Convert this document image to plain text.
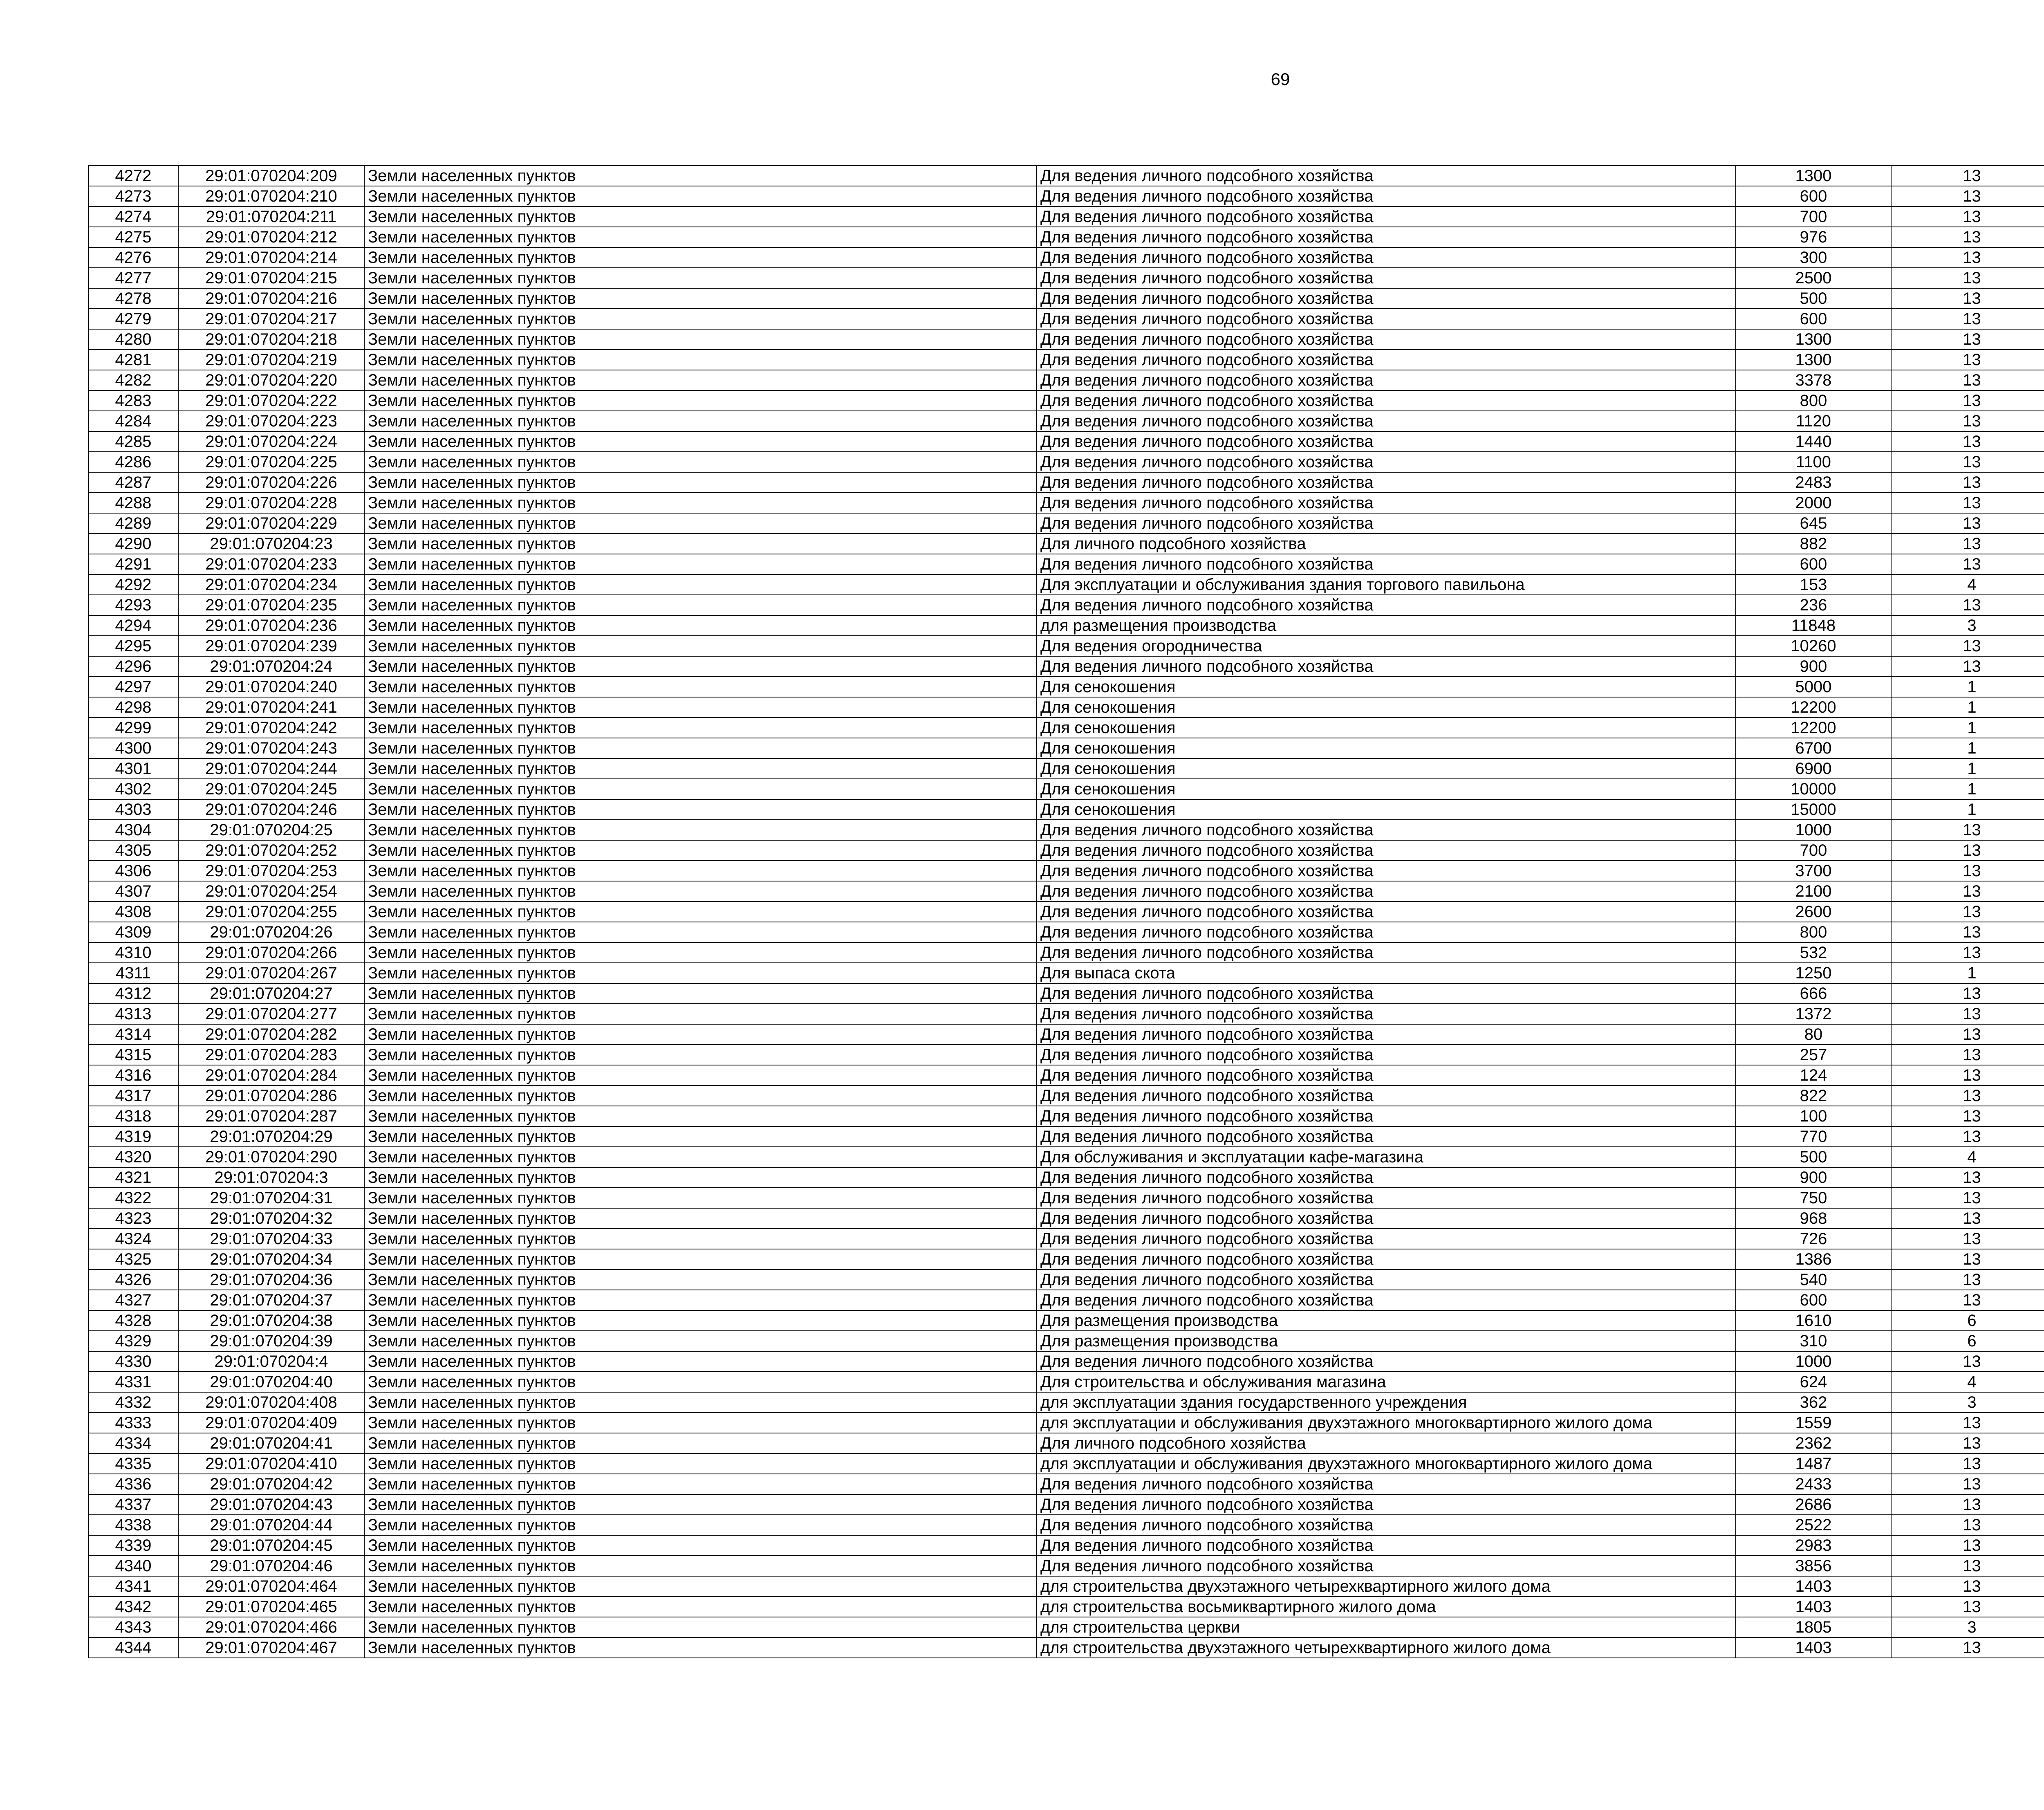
69
4272	29:01:070204:209	Земли населенных пунктов	Для ведения личного подсобного хозяйства	1300	13		
4273	29:01:070204:210	Земли населенных пунктов	Для ведения личного подсобного хозяйства	600	13		
4274	29:01:070204:211	Земли населенных пунктов	Для ведения личного подсобного хозяйства	700	13		
4275	29:01:070204:212	Земли населенных пунктов	Для ведения личного подсобного хозяйства	976	13		
4276	29:01:070204:214	Земли населенных пунктов	Для ведения личного подсобного хозяйства	300	13		
4277	29:01:070204:215	Земли населенных пунктов	Для ведения личного подсобного хозяйства	2500	13		
4278	29:01:070204:216	Земли населенных пунктов	Для ведения личного подсобного хозяйства	500	13		
4279	29:01:070204:217	Земли населенных пунктов	Для ведения личного подсобного хозяйства	600	13		
4280	29:01:070204:218	Земли населенных пунктов	Для ведения личного подсобного хозяйства	1300	13		
4281	29:01:070204:219	Земли населенных пунктов	Для ведения личного подсобного хозяйства	1300	13		
4282	29:01:070204:220	Земли населенных пунктов	Для ведения личного подсобного хозяйства	3378	13		
4283	29:01:070204:222	Земли населенных пунктов	Для ведения личного подсобного хозяйства	800	13		
4284	29:01:070204:223	Земли населенных пунктов	Для ведения личного подсобного хозяйства	1120	13		
4285	29:01:070204:224	Земли населенных пунктов	Для ведения личного подсобного хозяйства	1440	13		
4286	29:01:070204:225	Земли населенных пунктов	Для ведения личного подсобного хозяйства	1100	13		
4287	29:01:070204:226	Земли населенных пунктов	Для ведения личного подсобного хозяйства	2483	13		
4288	29:01:070204:228	Земли населенных пунктов	Для ведения личного подсобного хозяйства	2000	13		
4289	29:01:070204:229	Земли населенных пунктов	Для ведения личного подсобного хозяйства	645	13		
4290	29:01:070204:23	Земли населенных пунктов	Для личного подсобного хозяйства	882	13		
4291	29:01:070204:233	Земли населенных пунктов	Для ведения личного подсобного хозяйства	600	13		
4292	29:01:070204:234	Земли населенных пунктов	Для эксплуатации и обслуживания здания торгового павильона	153	4		
4293	29:01:070204:235	Земли населенных пунктов	Для ведения личного подсобного хозяйства	236	13		
4294	29:01:070204:236	Земли населенных пунктов	для размещения производства	11848	3		
4295	29:01:070204:239	Земли населенных пунктов	Для ведения огородничества	10260	13		
4296	29:01:070204:24	Земли населенных пунктов	Для ведения личного подсобного хозяйства	900	13		
4297	29:01:070204:240	Земли населенных пунктов	Для сенокошения	5000	1		
4298	29:01:070204:241	Земли населенных пунктов	Для сенокошения	12200	1		
4299	29:01:070204:242	Земли населенных пунктов	Для сенокошения	12200	1		
4300	29:01:070204:243	Земли населенных пунктов	Для сенокошения	6700	1		
4301	29:01:070204:244	Земли населенных пунктов	Для сенокошения	6900	1		
4302	29:01:070204:245	Земли населенных пунктов	Для сенокошения	10000	1		
4303	29:01:070204:246	Земли населенных пунктов	Для сенокошения	15000	1		
4304	29:01:070204:25	Земли населенных пунктов	Для ведения личного подсобного хозяйства	1000	13		
4305	29:01:070204:252	Земли населенных пунктов	Для ведения личного подсобного хозяйства	700	13		
4306	29:01:070204:253	Земли населенных пунктов	Для ведения личного подсобного хозяйства	3700	13		
4307	29:01:070204:254	Земли населенных пунктов	Для ведения личного подсобного хозяйства	2100	13		
4308	29:01:070204:255	Земли населенных пунктов	Для ведения личного подсобного хозяйства	2600	13		
4309	29:01:070204:26	Земли населенных пунктов	Для ведения личного подсобного хозяйства	800	13		
4310	29:01:070204:266	Земли населенных пунктов	Для ведения личного подсобного хозяйства	532	13		
4311	29:01:070204:267	Земли населенных пунктов	Для выпаса скота	1250	1		
4312	29:01:070204:27	Земли населенных пунктов	Для ведения личного подсобного хозяйства	666	13		
4313	29:01:070204:277	Земли населенных пунктов	Для ведения личного подсобного хозяйства	1372	13		
4314	29:01:070204:282	Земли населенных пунктов	Для ведения личного подсобного хозяйства	80	13		
4315	29:01:070204:283	Земли населенных пунктов	Для ведения личного подсобного хозяйства	257	13		
4316	29:01:070204:284	Земли населенных пунктов	Для ведения личного подсобного хозяйства	124	13		
4317	29:01:070204:286	Земли населенных пунктов	Для ведения личного подсобного хозяйства	822	13		
4318	29:01:070204:287	Земли населенных пунктов	Для ведения личного подсобного хозяйства	100	13		
4319	29:01:070204:29	Земли населенных пунктов	Для ведения личного подсобного хозяйства	770	13		
4320	29:01:070204:290	Земли населенных пунктов	Для обслуживания и эксплуатации кафе-магазина	500	4		
4321	29:01:070204:3	Земли населенных пунктов	Для ведения личного подсобного хозяйства	900	13		
4322	29:01:070204:31	Земли населенных пунктов	Для ведения личного подсобного хозяйства	750	13		
4323	29:01:070204:32	Земли населенных пунктов	Для ведения личного подсобного хозяйства	968	13		
4324	29:01:070204:33	Земли населенных пунктов	Для ведения личного подсобного хозяйства	726	13		
4325	29:01:070204:34	Земли населенных пунктов	Для ведения личного подсобного хозяйства	1386	13		
4326	29:01:070204:36	Земли населенных пунктов	Для ведения личного подсобного хозяйства	540	13		
4327	29:01:070204:37	Земли населенных пунктов	Для ведения личного подсобного хозяйства	600	13		
4328	29:01:070204:38	Земли населенных пунктов	Для размещения производства	1610	6		
4329	29:01:070204:39	Земли населенных пунктов	Для размещения производства	310	6		
4330	29:01:070204:4	Земли населенных пунктов	Для ведения личного подсобного хозяйства	1000	13		
4331	29:01:070204:40	Земли населенных пунктов	Для строительства и обслуживания магазина	624	4		
4332	29:01:070204:408	Земли населенных пунктов	для эксплуатации здания государственного учреждения	362	3		
4333	29:01:070204:409	Земли населенных пунктов	для эксплуатации и обслуживания двухэтажного многоквартирного жилого дома	1559	13		
4334	29:01:070204:41	Земли населенных пунктов	Для личного подсобного хозяйства	2362	13		
4335	29:01:070204:410	Земли населенных пунктов	для эксплуатации и обслуживания двухэтажного многоквартирного жилого дома	1487	13		
4336	29:01:070204:42	Земли населенных пунктов	Для ведения личного подсобного хозяйства	2433	13		
4337	29:01:070204:43	Земли населенных пунктов	Для ведения личного подсобного хозяйства	2686	13		
4338	29:01:070204:44	Земли населенных пунктов	Для ведения личного подсобного хозяйства	2522	13		
4339	29:01:070204:45	Земли населенных пунктов	Для ведения личного подсобного хозяйства	2983	13		
4340	29:01:070204:46	Земли населенных пунктов	Для ведения личного подсобного хозяйства	3856	13		
4341	29:01:070204:464	Земли населенных пунктов	для строительства двухэтажного четырехквартирного жилого дома	1403	13		
4342	29:01:070204:465	Земли населенных пунктов	для строительства восьмиквартирного жилого дома	1403	13		
4343	29:01:070204:466	Земли населенных пунктов	для строительства церкви	1805	3		
4344	29:01:070204:467	Земли населенных пунктов	для строительства двухэтажного четырехквартирного жилого дома	1403	13		
